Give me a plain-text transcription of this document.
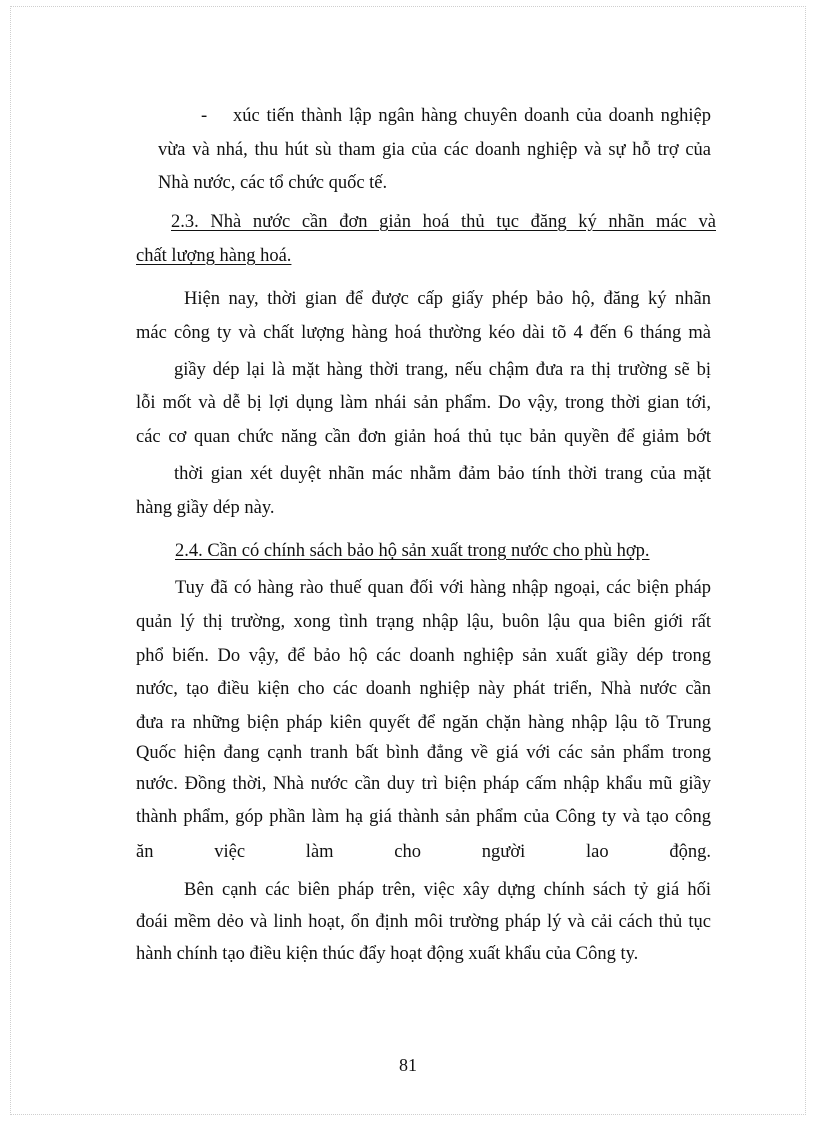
- xúc tiến thành lập ngân hàng chuyên doanh của doanh nghiệp

vừa và nhá, thu hút sù tham gia của các doanh nghiệp và sự hỗ trợ của

Nhà nước, các tổ chức quốc tế.

2.3. Nhà nước cần đơn giản hoá thủ tục đăng ký nhãn mác và

chất lượng hàng hoá.

Hiện nay, thời gian để được cấp giấy phép bảo hộ, đăng ký nhãn

mác công ty và chất lượng hàng hoá thường kéo dài tõ 4 đến 6 tháng mà

giầy dép lại là mặt hàng thời trang, nếu chậm đưa ra thị trường sẽ bị

lỗi mốt và dễ bị lợi dụng làm nhái sản phẩm. Do vậy, trong thời gian tới,

các cơ quan chức năng cần đơn giản hoá thủ tục bản quyền để giảm bớt

thời gian xét duyệt nhãn mác nhằm đảm bảo tính thời trang của mặt

hàng giầy dép này.

2.4. Cần có chính sách bảo hộ sản xuất trong nước cho phù hợp.

Tuy đã có hàng rào thuế quan đối với hàng nhập ngoại, các biện pháp

quản lý thị trường, xong tình trạng nhập lậu, buôn lậu qua biên giới rất

phổ biến. Do vậy, để bảo hộ các doanh nghiệp sản xuất giầy dép trong

nước, tạo điều kiện cho các doanh nghiệp này phát triển, Nhà nước cần

đưa ra những biện pháp kiên quyết để ngăn chặn hàng nhập lậu tõ Trung

Quốc hiện đang cạnh tranh bất bình đẳng về giá với các sản phẩm trong

nước. Đồng thời, Nhà nước cần duy trì biện pháp cấm nhập khẩu mũ giầy

thành phẩm, góp phần làm hạ giá thành sản phẩm của Công ty và tạo công

ăn việc làm cho người lao động.

Bên cạnh các biên pháp trên, việc xây dựng chính sách tỷ giá hối

đoái mềm dẻo và linh hoạt, ổn định môi trường pháp lý và cải cách thủ tục

hành chính tạo điều kiện thúc đẩy hoạt động xuất khẩu của Công ty.

81
